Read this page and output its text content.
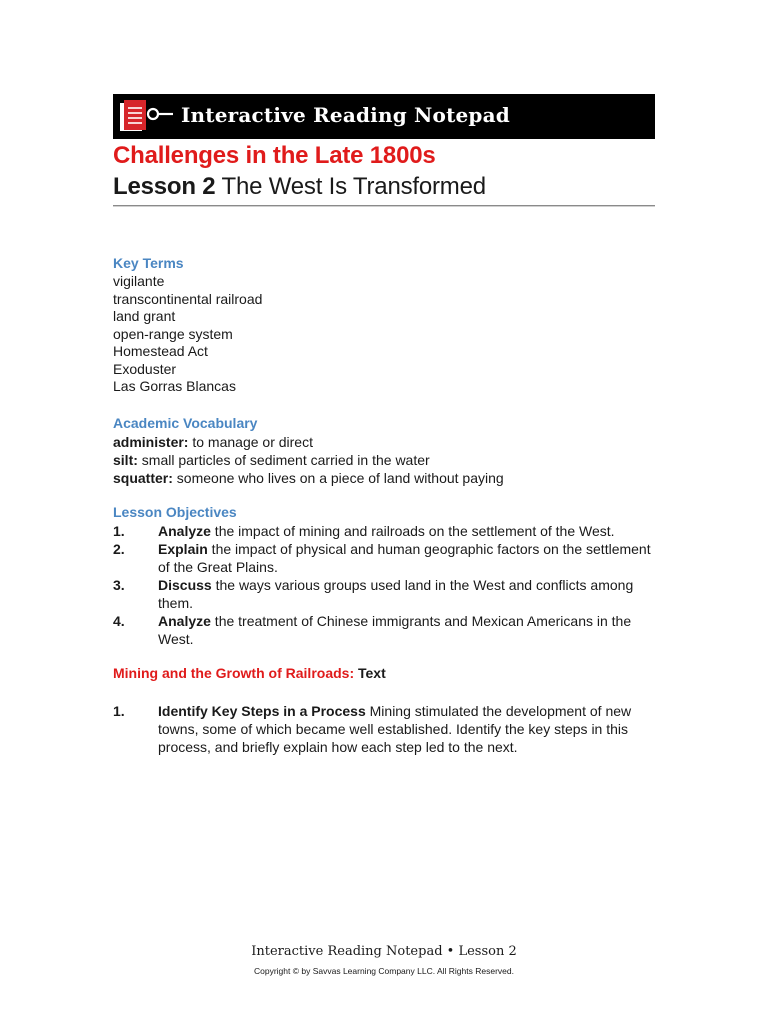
Interactive Reading Notepad
Challenges in the Late 1800s
Lesson 2 The West Is Transformed
Key Terms
vigilante
transcontinental railroad
land grant
open-range system
Homestead Act
Exoduster
Las Gorras Blancas
Academic Vocabulary
administer: to manage or direct
silt: small particles of sediment carried in the water
squatter: someone who lives on a piece of land without paying
Lesson Objectives
1. Analyze the impact of mining and railroads on the settlement of the West.
2. Explain the impact of physical and human geographic factors on the settlement of the Great Plains.
3. Discuss the ways various groups used land in the West and conflicts among them.
4. Analyze the treatment of Chinese immigrants and Mexican Americans in the West.
Mining and the Growth of Railroads: Text
1. Identify Key Steps in a Process Mining stimulated the development of new towns, some of which became well established. Identify the key steps in this process, and briefly explain how each step led to the next.
Interactive Reading Notepad • Lesson 2
Copyright © by Savvas Learning Company LLC. All Rights Reserved.
